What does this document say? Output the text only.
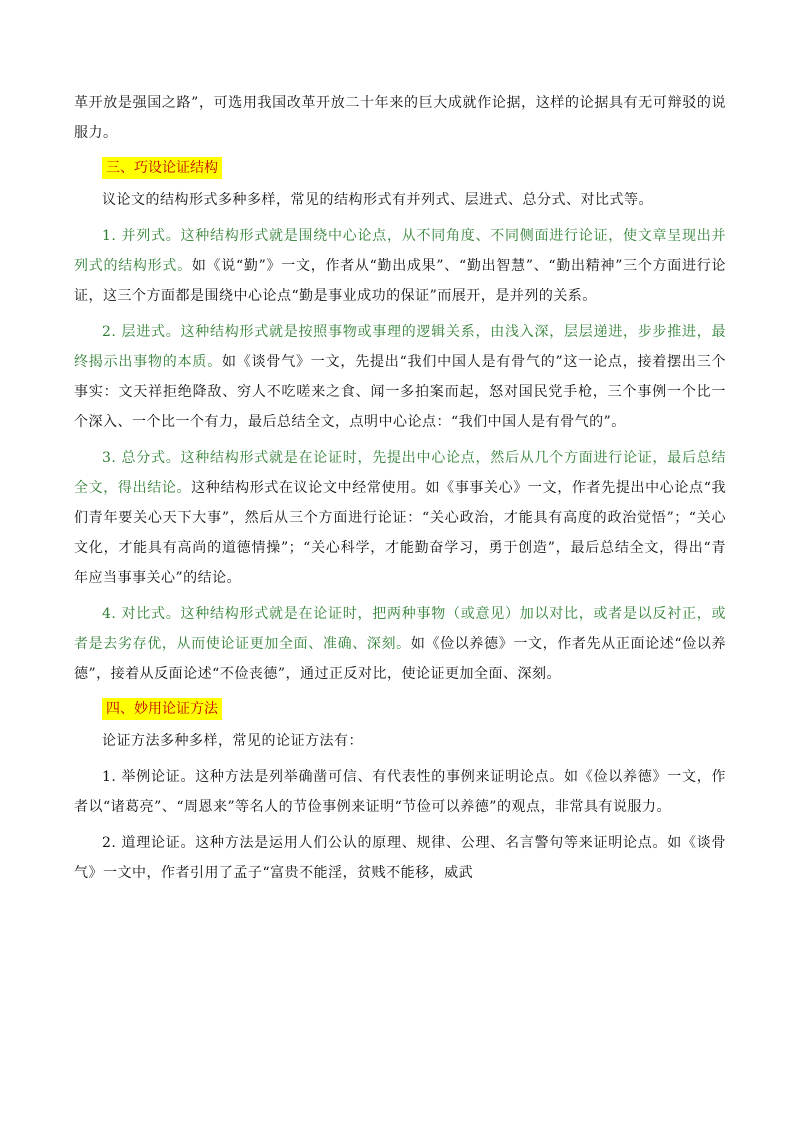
革开放是强国之路”，可选用我国改革开放二十年来的巨大成就作论据，这样的论据具有无可辩驳的说服力。

三、巧设论证结构

议论文的结构形式多种多样，常见的结构形式有并列式、层进式、总分式、对比式等。

1. 并列式。这种结构形式就是围绕中心论点，从不同角度、不同侧面进行论证，使文章呈现出并列式的结构形式。如《说“勤”》一文，作者从“勤出成果”、“勤出智慧”、“勤出精神”三个方面进行论证，这三个方面都是围绕中心论点“勤是事业成功的保证”而展开，是并列的关系。

2. 层进式。这种结构形式就是按照事物或事理的逻辑关系，由浅入深，层层递进，步步推进，最终揭示出事物的本质。如《谈骨气》一文，先提出“我们中国人是有骨气的”这一论点，接着摆出三个事实：文天祥拒绝降敌、穷人不吃嗟来之食、闻一多拍案而起，怒对国民党手枪，三个事例一个比一个深入、一个比一个有力，最后总结全文，点明中心论点：“我们中国人是有骨气的”。

3. 总分式。这种结构形式就是在论证时，先提出中心论点，然后从几个方面进行论证，最后总结全文，得出结论。这种结构形式在议论文中经常使用。如《事事关心》一文，作者先提出中心论点“我们青年要关心天下大事”，然后从三个方面进行论证：“关心政治，才能具有高度的政治觉悟”；“关心文化，才能具有高尚的道德情操”；“关心科学，才能勤奋学习，勇于创造”，最后总结全文，得出“青年应当事事关心”的结论。

4. 对比式。这种结构形式就是在论证时，把两种事物（或意见）加以对比，或者是以反衬正，或者是去劣存优，从而使论证更加全面、准确、深刻。如《俭以养德》一文，作者先从正面论述“俭以养德”，接着从反面论述“不俭丧德”，通过正反对比，使论证更加全面、深刻。

四、妙用论证方法

论证方法多种多样，常见的论证方法有：

1. 举例论证。这种方法是列举确凿可信、有代表性的事例来证明论点。如《俭以养德》一文，作者以“诸葛亮”、“周恩来”等名人的节俭事例来证明“节俭可以养德”的观点，非常具有说服力。

2. 道理论证。这种方法是运用人们公认的原理、规律、公理、名言警句等来证明论点。如《谈骨气》一文中，作者引用了孟子“富贵不能淫，贫贱不能移，威武
